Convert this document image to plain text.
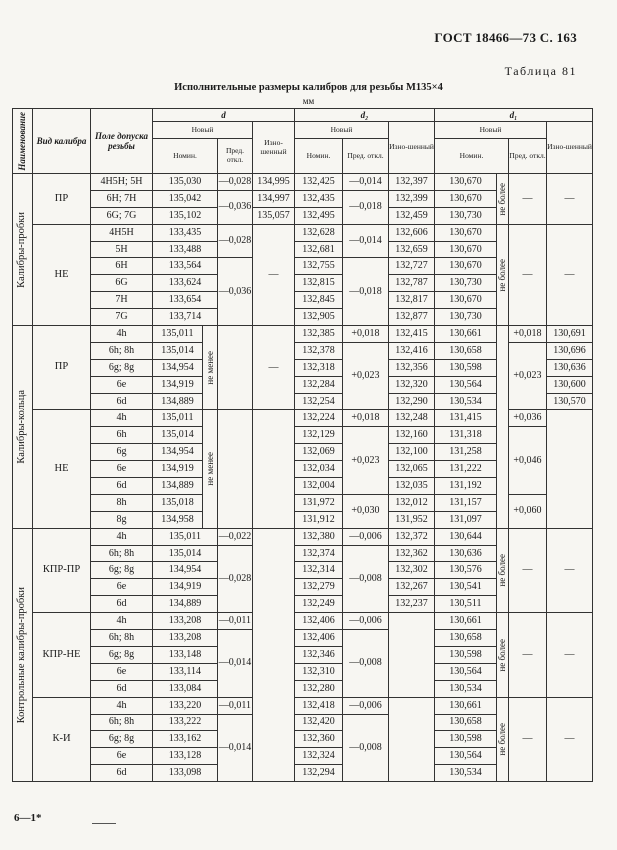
ГОСТ 18466—73 С. 163
Таблица 81
Исполнительные размеры калибров для резьбы M135×4
мм
Наименование	Вид калибра	Поле допуска резьбы	d				d₂			d₁			
			Новый			Изно-шенный	Новый		Изно-шенный	Новый			Изно-шенный
			Номин.		Пред. откл.		Номин.	Пред. откл.		Номин.		Пред. откл.	

Калибры-пробки	ПР	4H5H; 5H	135,030		—0,028	134,995	132,425	—0,014	132,397	130,670	не более	—	—
		6H; 7H	135,042		—0,036	134,997	132,435	—0,018	132,399	130,670			
		6G; 7G	135,102			135,057	132,495		132,459	130,730			
	НЕ	4H5H	133,435		—0,028	—	132,628	—0,014	132,606	130,670	не более	—	—
		5H	133,488				132,681		132,659	130,670			
		6H	133,564		—0,036		132,755	—0,018	132,727	130,670			
		6G	133,624				132,815		132,787	130,730			
		7H	133,654				132,845		132,817	130,670			
		7G	133,714				132,905		132,877	130,730			

Калибры-кольца	ПР	4h	135,011	не менее		—	132,385	+0,018	132,415	130,661		+0,018	130,691
		6h; 8h	135,014				132,378	+0,023	132,416	130,658		+0,023	130,696
		6g; 8g	134,954				132,318		132,356	130,598			130,636
		6e	134,919				132,284		132,320	130,564			130,600
		6d	134,889				132,254		132,290	130,534			130,570
	НЕ	4h	135,011	не менее			132,224	+0,018	132,248	131,415		+0,036	
		6h	135,014				132,129	+0,023	132,160	131,318		+0,046	
		6g	134,954				132,069		132,100	131,258			
		6e	134,919				132,034		132,065	131,222			
		6d	134,889				132,004		132,035	131,192			
		8h	135,018				131,972	+0,030	132,012	131,157		+0,060	
		8g	134,958				131,912		131,952	131,097			

Контрольные калибры-пробки	КПР-ПР	4h	135,011		—0,022		132,380	—0,006	132,372	130,644	не более	—	—
		6h; 8h	135,014		—0,028		132,374	—0,008	132,362	130,636			
		6g; 8g	134,954				132,314		132,302	130,576			
		6e	134,919				132,279		132,267	130,541			
		6d	134,889				132,249		132,237	130,511			
	КПР-НЕ	4h	133,208		—0,011		132,406	—0,006		130,661	не более	—	—
		6h; 8h	133,208		—0,014		132,406	—0,008		130,658			
		6g; 8g	133,148				132,346			130,598			
		6e	133,114				132,310			130,564			
		6d	133,084				132,280			130,534			
	К-И	4h	133,220		—0,011		132,418	—0,006		130,661	не более	—	—
		6h; 8h	133,222		—0,014		132,420	—0,008		130,658			
		6g; 8g	133,162				132,360			130,598			
		6e	133,128				132,324			130,564			
		6d	133,098				132,294			130,534			
6—1*
